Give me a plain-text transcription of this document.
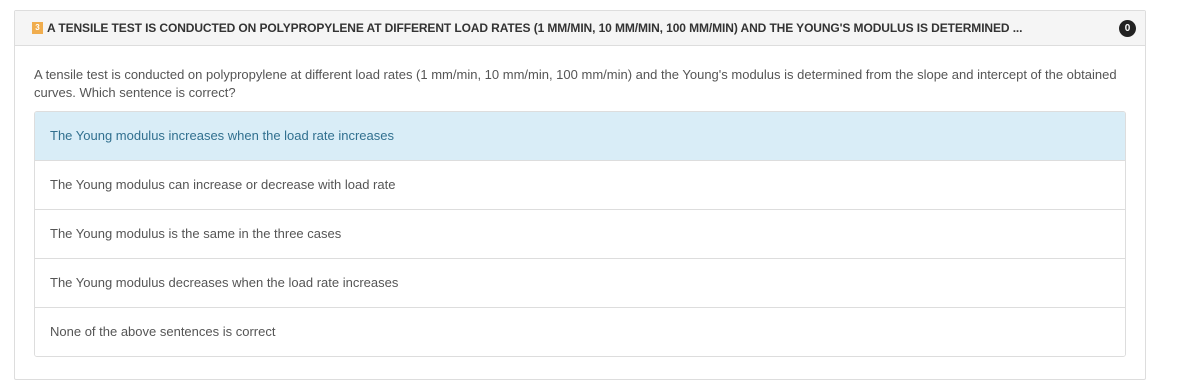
3 A TENSILE TEST IS CONDUCTED ON POLYPROPYLENE AT DIFFERENT LOAD RATES (1 MM/MIN, 10 MM/MIN, 100 MM/MIN) AND THE YOUNG'S MODULUS IS DETERMINED ...	0

A tensile test is conducted on polypropylene at different load rates (1 mm/min, 10 mm/min, 100 mm/min) and the Young's modulus is determined from the slope and intercept of the obtained curves. Which sentence is correct?

The Young modulus increases when the load rate increases
The Young modulus can increase or decrease with load rate
The Young modulus is the same in the three cases
The Young modulus decreases when the load rate increases
None of the above sentences is correct
